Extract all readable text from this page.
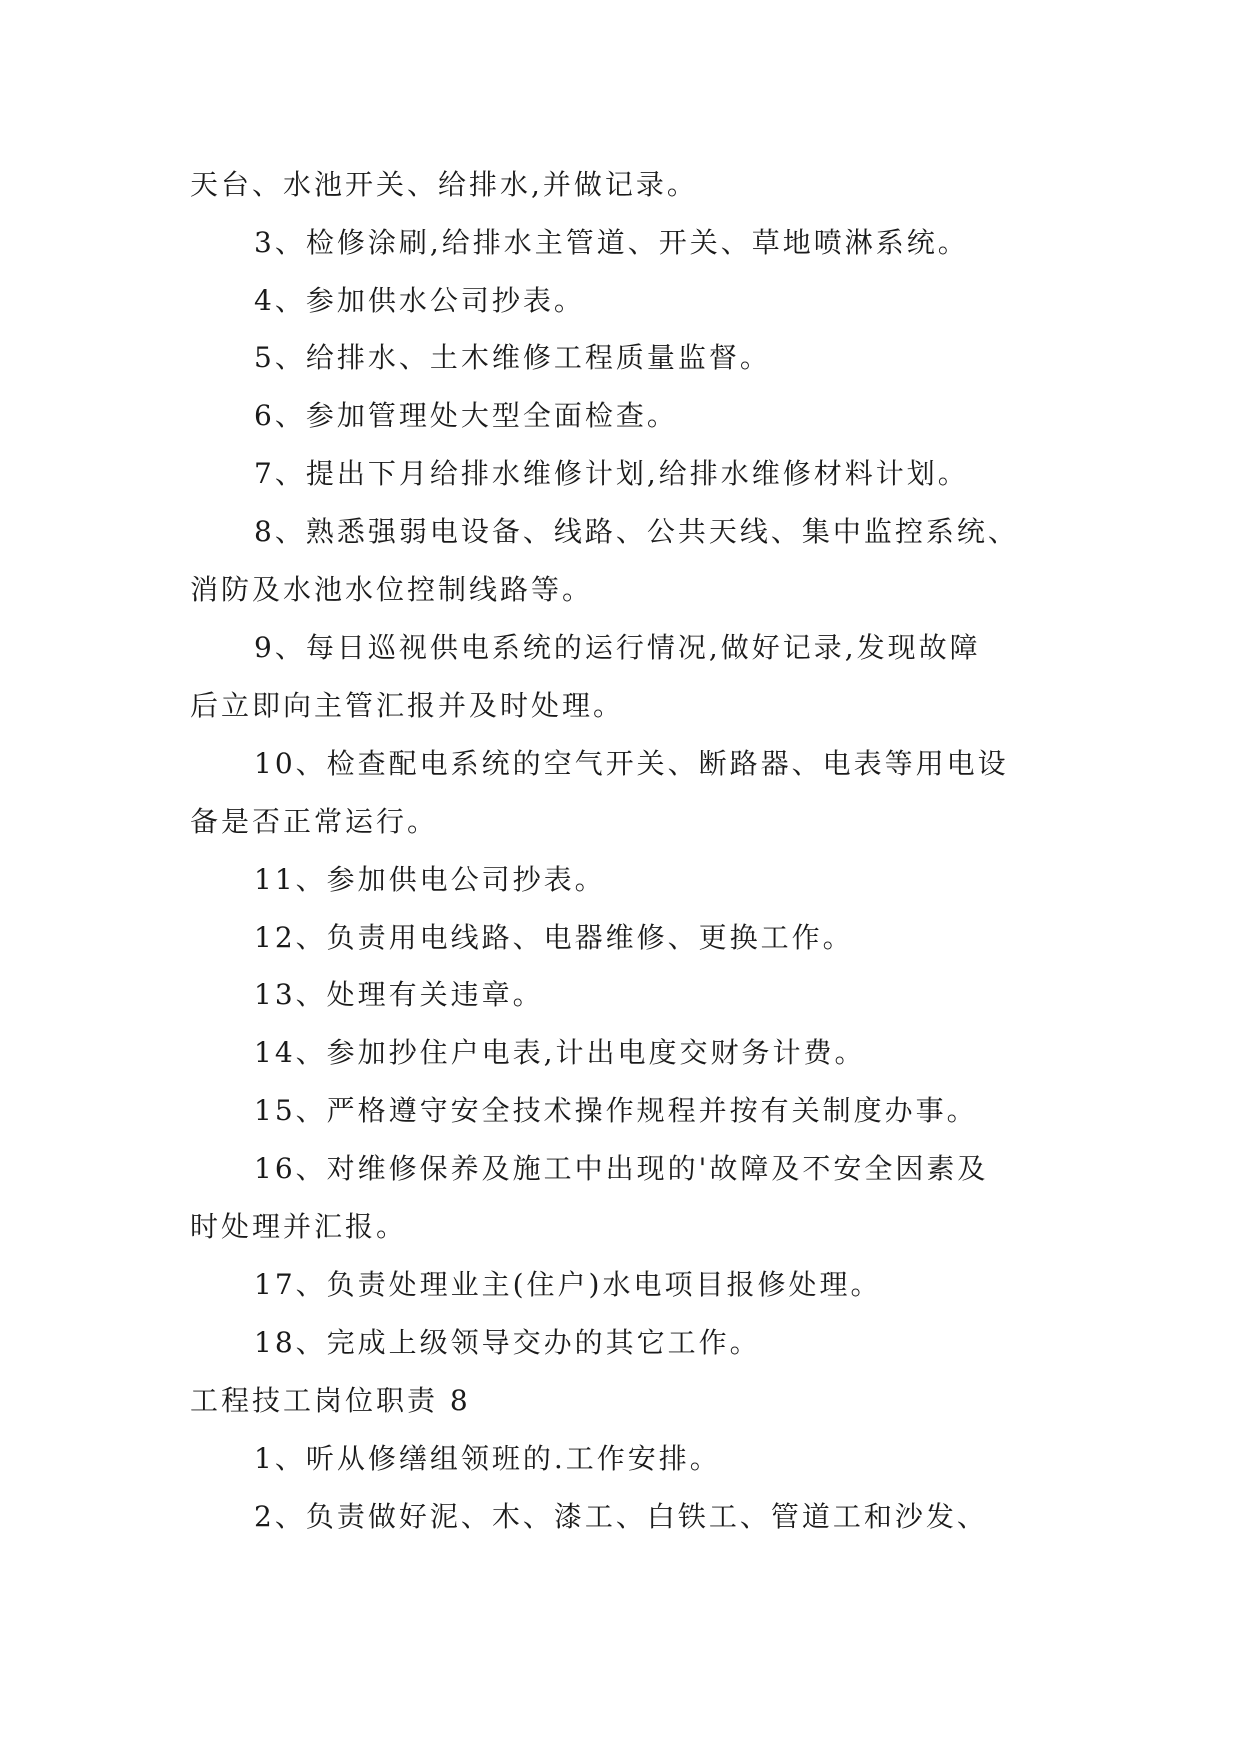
天台、水池开关、给排水,并做记录。
3、检修涂刷,给排水主管道、开关、草地喷淋系统。
4、参加供水公司抄表。
5、给排水、土木维修工程质量监督。
6、参加管理处大型全面检查。
7、提出下月给排水维修计划,给排水维修材料计划。
8、熟悉强弱电设备、线路、公共天线、集中监控系统、
消防及水池水位控制线路等。
9、每日巡视供电系统的运行情况,做好记录,发现故障
后立即向主管汇报并及时处理。
10、检查配电系统的空气开关、断路器、电表等用电设
备是否正常运行。
11、参加供电公司抄表。
12、负责用电线路、电器维修、更换工作。
13、处理有关违章。
14、参加抄住户电表,计出电度交财务计费。
15、严格遵守安全技术操作规程并按有关制度办事。
16、对维修保养及施工中出现的'故障及不安全因素及
时处理并汇报。
17、负责处理业主(住户)水电项目报修处理。
18、完成上级领导交办的其它工作。
工程技工岗位职责 8
1、听从修缮组领班的.工作安排。
2、负责做好泥、木、漆工、白铁工、管道工和沙发、
